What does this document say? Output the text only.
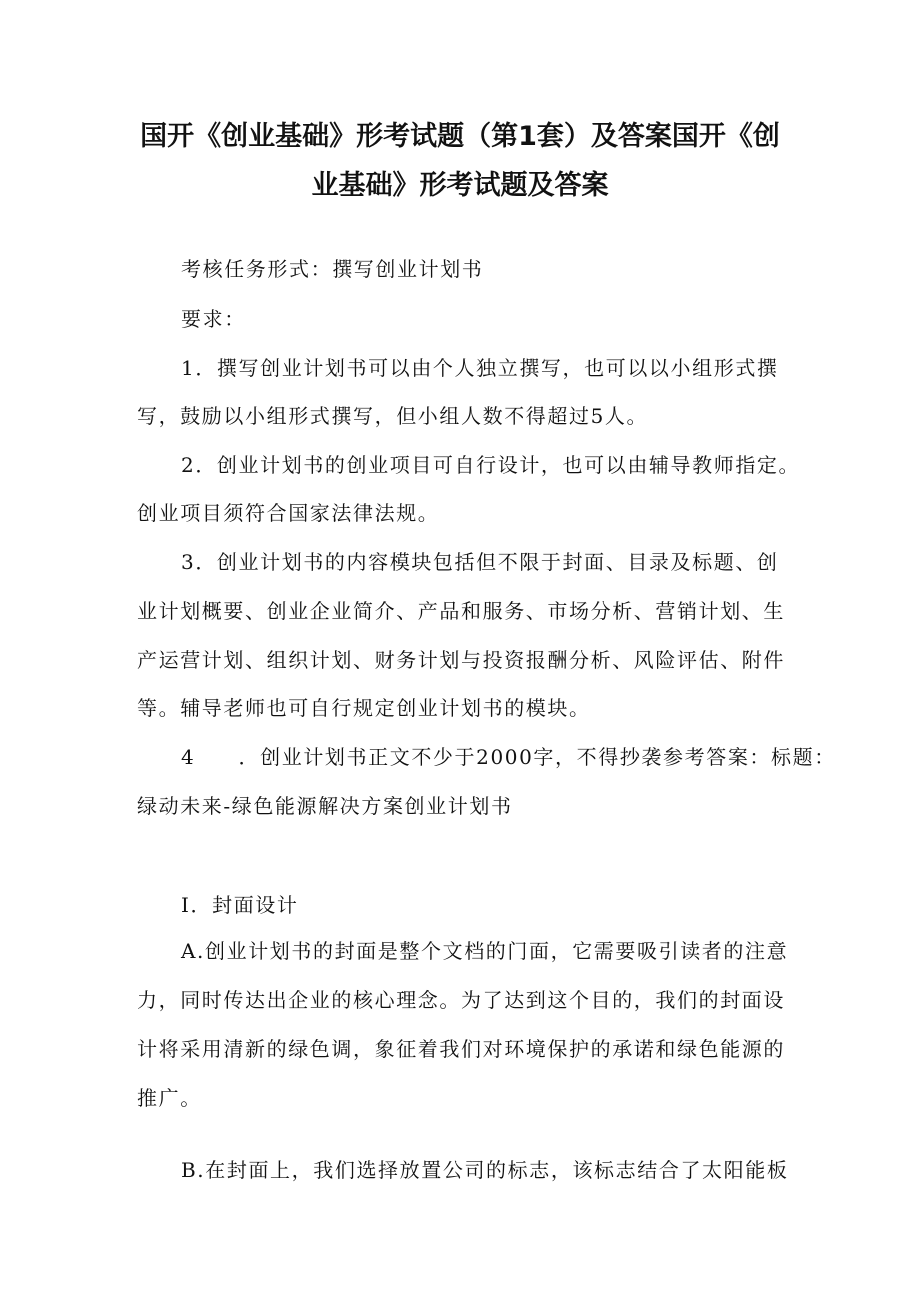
国开《创业基础》形考试题（第1套）及答案国开《创
业基础》形考试题及答案
考核任务形式：撰写创业计划书
要求：
1．撰写创业计划书可以由个人独立撰写，也可以以小组形式撰
写，鼓励以小组形式撰写，但小组人数不得超过5人。
2．创业计划书的创业项目可自行设计，也可以由辅导教师指定。
创业项目须符合国家法律法规。
3．创业计划书的内容模块包括但不限于封面、目录及标题、创
业计划概要、创业企业简介、产品和服务、市场分析、营销计划、生
产运营计划、组织计划、财务计划与投资报酬分析、风险评估、附件
等。辅导老师也可自行规定创业计划书的模块。
4　　．创业计划书正文不少于2000字，不得抄袭参考答案：标题：
绿动未来-绿色能源解决方案创业计划书
I．封面设计
A.创业计划书的封面是整个文档的门面，它需要吸引读者的注意
力，同时传达出企业的核心理念。为了达到这个目的，我们的封面设
计将采用清新的绿色调，象征着我们对环境保护的承诺和绿色能源的
推广。
B.在封面上，我们选择放置公司的标志，该标志结合了太阳能板
